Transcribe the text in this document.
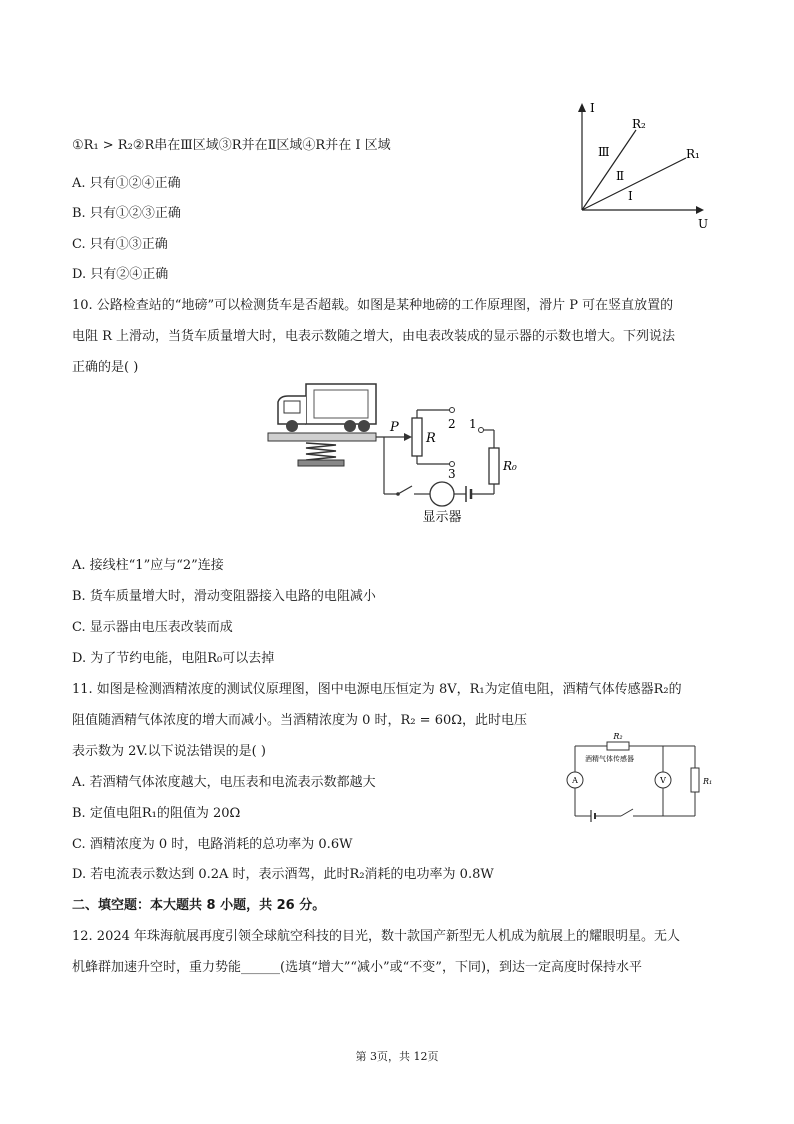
①R₁ > R₂②R串在Ⅲ区域③R并在Ⅱ区域④R并在 I 区域
A. 只有①②④正确
B. 只有①②③正确
C. 只有①③正确
D. 只有②④正确
I
U
R₂
R₁
Ⅲ
Ⅱ
I
10. 公路检查站的“地磅”可以检测货车是否超载。如图是某种地磅的工作原理图，滑片 P 可在竖直放置的
电阻 R 上滑动，当货车质量增大时，电表示数随之增大，由电表改装成的显示器的示数也增大。下列说法
正确的是( )
P
R
2
3
1
R₀
显示器
A. 接线柱“1”应与“2”连接
B. 货车质量增大时，滑动变阻器接入电路的电阻减小
C. 显示器由电压表改装而成
D. 为了节约电能，电阻R₀可以去掉
11. 如图是检测酒精浓度的测试仪原理图，图中电源电压恒定为 8V，R₁为定值电阻，酒精气体传感器R₂的
阻值随酒精气体浓度的增大而减小。当酒精浓度为 0 时，R₂ = 60Ω，此时电压
表示数为 2V.以下说法错误的是( )
R₂
酒精气体传感器
A	V	R₁
A. 若酒精气体浓度越大，电压表和电流表示数都越大
B. 定值电阻R₁的阻值为 20Ω
C. 酒精浓度为 0 时，电路消耗的总功率为 0.6W
D. 若电流表示数达到 0.2A 时，表示酒驾，此时R₂消耗的电功率为 0.8W
二、填空题：本大题共 8 小题，共 26 分。
12. 2024 年珠海航展再度引领全球航空科技的目光，数十款国产新型无人机成为航展上的耀眼明星。无人
机蜂群加速升空时，重力势能______(选填“增大”“减小”或“不变”，下同)，到达一定高度时保持水平
第 3页，共 12页
